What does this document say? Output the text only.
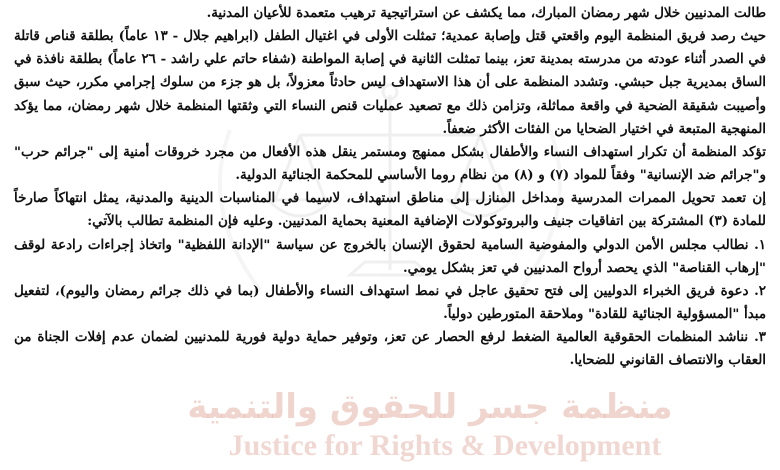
منظمة جسر للحقوق والتنمية
Justice for Rights & Development

طالت المدنيين خلال شهر رمضان المبارك، مما يكشف عن استراتيجية ترهيب متعمدة للأعيان المدنية.

حيث رصد فريق المنظمة اليوم واقعتي قتل وإصابة عمدية؛ تمثلت الأولى في اغتيال الطفل (ابراهيم جلال - ١٣ عاماً) بطلقة قناص قاتلة في الصدر أثناء عودته من مدرسته بمدينة تعز، بينما تمثلت الثانية في إصابة المواطنة (شفاء حاتم علي راشد - ٢٦ عاماً) بطلقة نافذة في الساق بمديرية جبل حبشي. وتشدد المنظمة على أن هذا الاستهداف ليس حادثاً معزولاً، بل هو جزء من سلوك إجرامي مكرر، حيث سبق وأصيبت شقيقة الضحية في واقعة مماثلة، وتزامن ذلك مع تصعيد عمليات قنص النساء التي وثقتها المنظمة خلال شهر رمضان، مما يؤكد المنهجية المتبعة في اختيار الضحايا من الفئات الأكثر ضعفاً.

تؤكد المنظمة أن تكرار استهداف النساء والأطفال بشكل ممنهج ومستمر ينقل هذه الأفعال من مجرد خروقات أمنية إلى "جرائم حرب" و"جرائم ضد الإنسانية" وفقاً للمواد (٧) و (٨) من نظام روما الأساسي للمحكمة الجنائية الدولية.

إن تعمد تحويل الممرات المدرسية ومداخل المنازل إلى مناطق استهداف، لاسيما في المناسبات الدينية والمدنية، يمثل انتهاكاً صارخاً للمادة (٣) المشتركة بين اتفاقيات جنيف والبروتوكولات الإضافية المعنية بحماية المدنيين. وعليه فإن المنظمة تطالب بالآتي:

١. نطالب مجلس الأمن الدولي والمفوضية السامية لحقوق الإنسان بالخروج عن سياسة "الإدانة اللفظية" واتخاذ إجراءات رادعة لوقف "إرهاب القناصة" الذي يحصد أرواح المدنيين في تعز بشكل يومي.

٢. دعوة فريق الخبراء الدوليين إلى فتح تحقيق عاجل في نمط استهداف النساء والأطفال (بما في ذلك جرائم رمضان واليوم)، لتفعيل مبدأ "المسؤولية الجنائية للقادة" وملاحقة المتورطين دولياً.

٣. نناشد المنظمات الحقوقية العالمية الضغط لرفع الحصار عن تعز، وتوفير حماية دولية فورية للمدنيين لضمان عدم إفلات الجناة من العقاب والانتصاف القانوني للضحايا.
